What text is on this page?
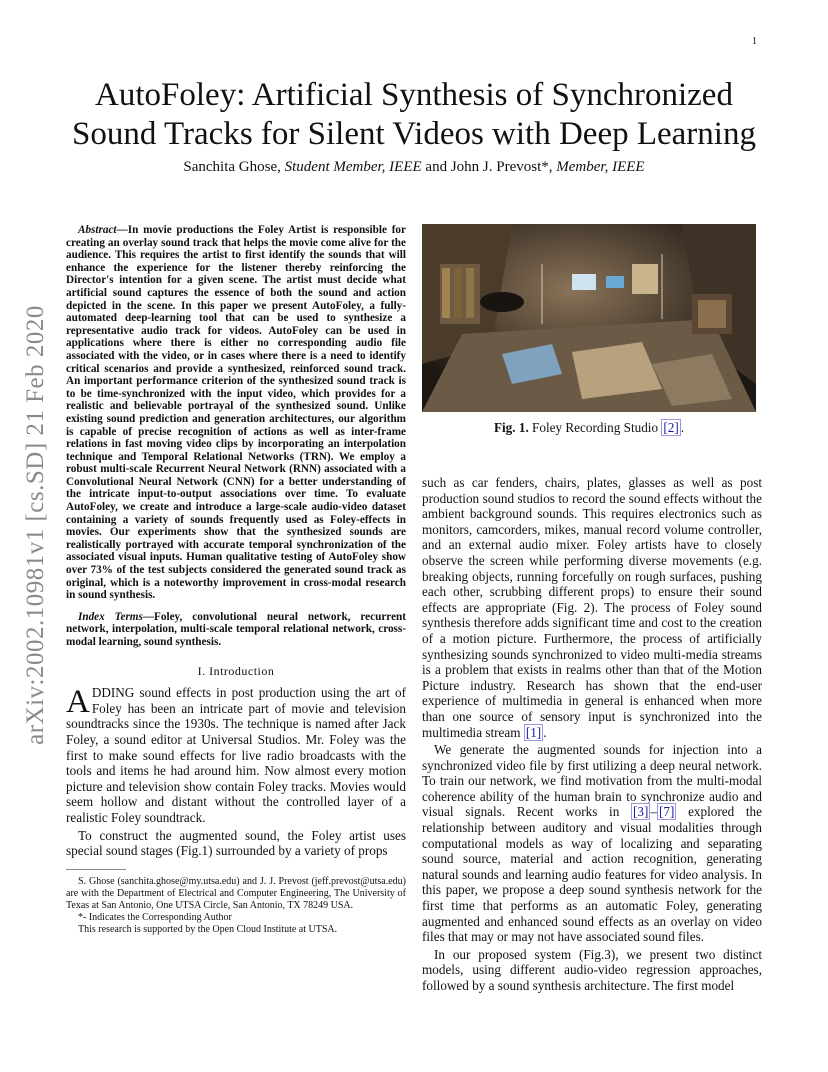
1
arXiv:2002.10981v1 [cs.SD] 21 Feb 2020
AutoFoley: Artificial Synthesis of Synchronized Sound Tracks for Silent Videos with Deep Learning
Sanchita Ghose, Student Member, IEEE and John J. Prevost*, Member, IEEE

Abstract—In movie productions the Foley Artist is responsible for creating an overlay sound track that helps the movie come alive for the audience. This requires the artist to first identify the sounds that will enhance the experience for the listener thereby reinforcing the Director's intention for a given scene. The artist must decide what artificial sound captures the essence of both the sound and action depicted in the scene. In this paper we present AutoFoley, a fully-automated deep-learning tool that can be used to synthesize a representative audio track for videos. AutoFoley can be used in applications where there is either no corresponding audio file associated with the video, or in cases where there is a need to identify critical scenarios and provide a synthesized, reinforced sound track. An important performance criterion of the synthesized sound track is to be time-synchronized with the input video, which provides for a realistic and believable portrayal of the synthesized sound. Unlike existing sound prediction and generation architectures, our algorithm is capable of precise recognition of actions as well as inter-frame relations in fast moving video clips by incorporating an interpolation technique and Temporal Relational Networks (TRN). We employ a robust multi-scale Recurrent Neural Network (RNN) associated with a Convolutional Neural Network (CNN) for a better understanding of the intricate input-to-output associations over time. To evaluate AutoFoley, we create and introduce a large-scale audio-video dataset containing a variety of sounds frequently used as Foley-effects in movies. Our experiments show that the synthesized sounds are realistically portrayed with accurate temporal synchronization of the associated visual inputs. Human qualitative testing of AutoFoley show over 73% of the test subjects considered the generated sound track as original, which is a noteworthy improvement in cross-modal research in sound synthesis.

Index Terms—Foley, convolutional neural network, recurrent network, interpolation, multi-scale temporal relational network, cross-modal learning, sound synthesis.

I. Introduction

ADDING sound effects in post production using the art of Foley has been an intricate part of movie and television soundtracks since the 1930s. The technique is named after Jack Foley, a sound editor at Universal Studios. Mr. Foley was the first to make sound effects for live radio broadcasts with the tools and items he had around him. Now almost every motion picture and television show contain Foley tracks. Movies would seem hollow and distant without the controlled layer of a realistic Foley soundtrack.

To construct the augmented sound, the Foley artist uses special sound stages (Fig.1) surrounded by a variety of props

S. Ghose (sanchita.ghose@my.utsa.edu) and J. J. Prevost (jeff.prevost@utsa.edu) are with the Department of Electrical and Computer Engineering, The University of Texas at San Antonio, One UTSA Circle, San Antonio, TX 78249 USA.

*- Indicates the Corresponding Author

This research is supported by the Open Cloud Institute at UTSA.

Fig. 1. Foley Recording Studio [2] .

such as car fenders, chairs, plates, glasses as well as post production sound studios to record the sound effects without the ambient background sounds. This requires electronics such as monitors, camcorders, mikes, manual record volume controller, and an external audio mixer. Foley artists have to closely observe the screen while performing diverse movements (e.g. breaking objects, running forcefully on rough surfaces, pushing each other, scrubbing different props) to ensure their sound effects are appropriate (Fig. 2). The process of Foley sound synthesis therefore adds significant time and cost to the creation of a motion picture. Furthermore, the process of artificially synthesizing sounds synchronized to video multi-media streams is a problem that exists in realms other than that of the Motion Picture industry. Research has shown that the end-user experience of multimedia in general is enhanced when more than one source of sensory input is synchronized into the multimedia stream [1] .

We generate the augmented sounds for injection into a synchronized video file by first utilizing a deep neural network. To train our network, we find motivation from the multi-modal coherence ability of the human brain to synchronize audio and visual signals. Recent works in [3] – [7] explored the relationship between auditory and visual modalities through computational models as way of localizing and separating sound source, material and action recognition, generating natural sounds and learning audio features for video analysis. In this paper, we propose a deep sound synthesis network for the first time that performs as an automatic Foley, generating augmented and enhanced sound effects as an overlay on video files that may or may not have associated sound files.

In our proposed system (Fig.3), we present two distinct models, using different audio-video regression approaches, followed by a sound synthesis architecture. The first model
